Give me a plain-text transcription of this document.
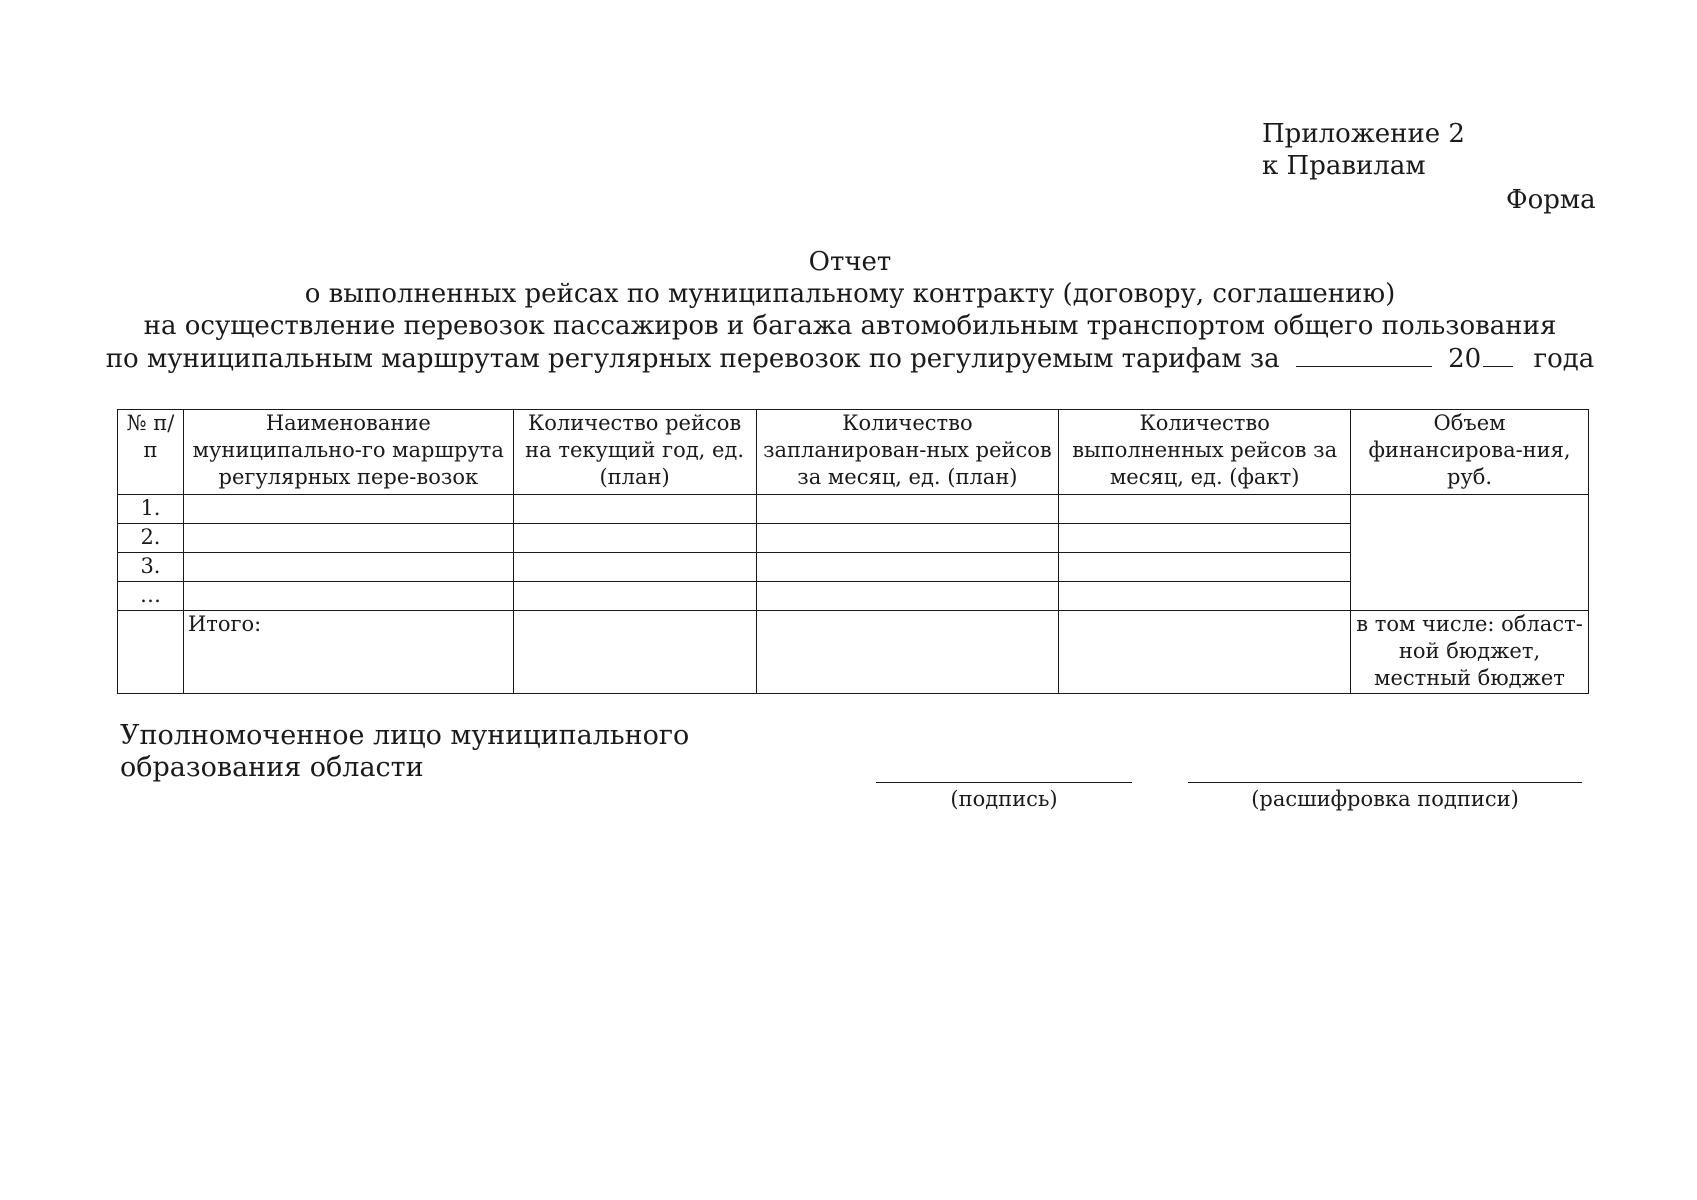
Приложение 2
к Правилам
Форма
Отчет
о выполненных рейсах по муниципальному контракту (договору, соглашению)
на осуществление перевозок пассажиров и багажа автомобильным транспортом общего пользования
по муниципальным маршрутам регулярных перевозок по регулируемым тарифам за	20 года
№ п/п	Наименование муниципально-го маршрута регулярных пере-возок	Количество рейсов на текущий год, ед. (план)	Количество запланирован-ных рейсов за месяц, ед. (план)	Количество выполненных рейсов за месяц, ед. (факт)	Объем финансирова-ния, руб.
1.					
2.					
3.					
…					
	Итого:				в том числе: област-ной бюджет, местный бюджет
Уполномоченное лицо муниципального
образования области
(подпись)	(расшифровка подписи)
